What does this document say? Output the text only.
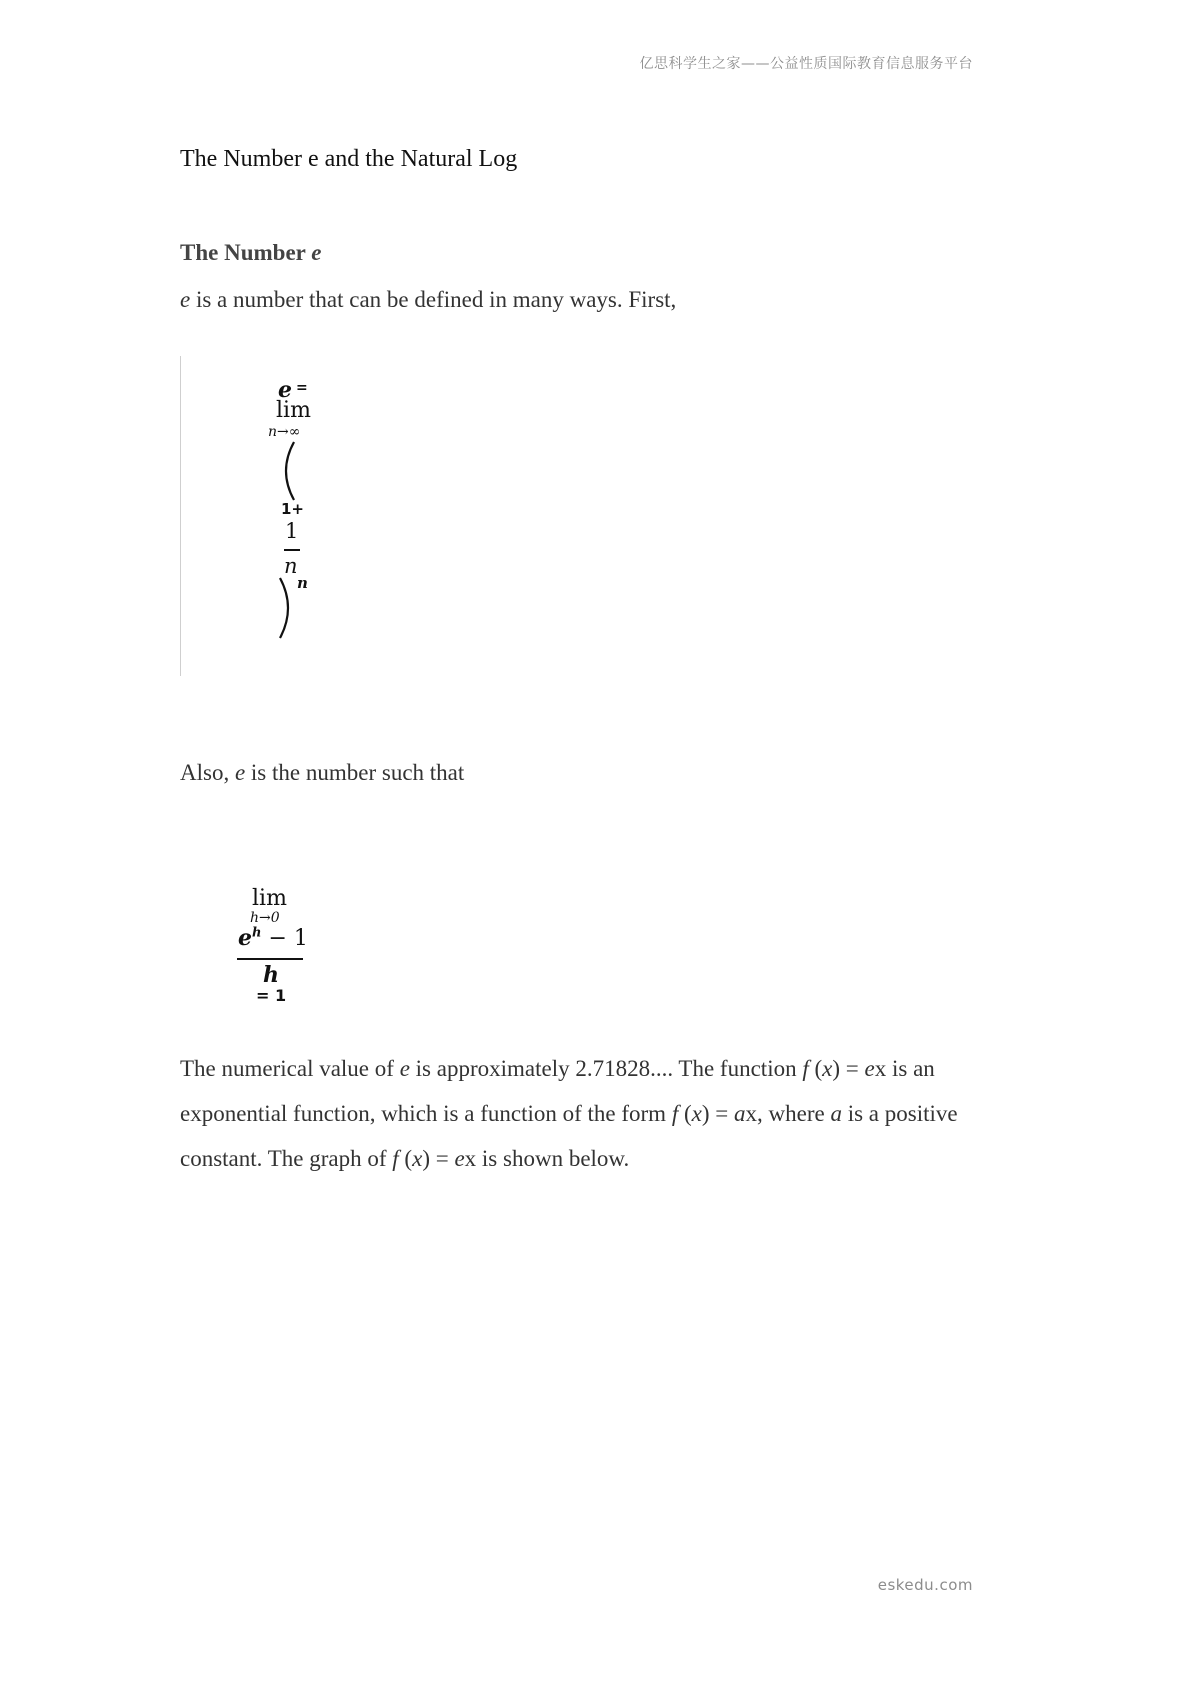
亿思科学生之家——公益性质国际教育信息服务平台
The Number e and the Natural Log
The Number e
e is a number that can be defined in many ways. First,
e =
lim
n→∞
1+
1
n
n
Also, e is the number such that
lim
h→0
$e^h - 1$
h
= 1
The numerical value of e is approximately 2.71828.... The function f (x) = ex is an
exponential function, which is a function of the form f (x) = ax, where a is a positive
constant. The graph of f (x) = ex is shown below.
eskedu.com
